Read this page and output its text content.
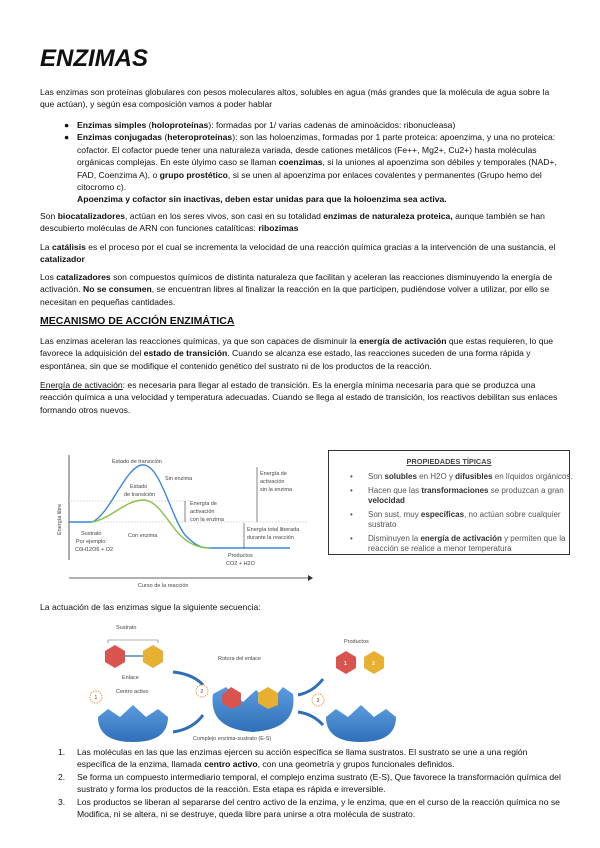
ENZIMAS
Las enzimas son proteínas globulares con pesos moleculares altos, solubles en agua (más grandes que la molécula de agua sobre la que actúan), y según esa composición vamos a poder hablar
● Enzimas simples (holoproteínas): formadas por 1/ varias cadenas de aminoácidos: ribonucleasa)
● Enzimas conjugadas (heteroproteínas): son las holoenzimas, formadas por 1 parte proteica: apoenzima, y una no proteica: cofactor. El cofactor puede tener una naturaleza variada, desde cationes metálicos (Fe++, Mg2+, Cu2+) hasta moléculas orgánicas complejas. En este úlyimo caso se llaman coenzimas, si la uniones al apoenzima son débiles y temporales (NAD+, FAD, Coenzima A), o grupo prostético, si se unen al apoenzima por enlaces covalentes y permanentes (Grupo hemo del citocromo c).
Apoenzima y cofactor sin inactivas, deben estar unidas para que la holoenzima sea activa.
Son biocatalizadores, actúan en los seres vivos, son casi en su totalidad enzimas de naturaleza proteica, aunque también se han descubierto moléculas de ARN con funciones catalíticas: ribozimas
La catálisis es el proceso por el cual se incrementa la velocidad de una reacción química gracias a la intervención de una sustancia, el catalizador
Los catalizadores son compuestos químicos de distinta naturaleza que facilitan y aceleran las reacciones disminuyendo la energía de activación. No se consumen, se encuentran libres al finalizar la reacción en la que participen, pudiéndose volver a utilizar, por ello se necesitan en pequeñas cantidades.
MECANISMO DE ACCIÓN ENZIMÁTICA
Las enzimas aceleran las reacciones químicas, ya que son capaces de disminuir la energía de activación que estas requieren, lo que favorece la adquisición del estado de transición. Cuando se alcanza ese estado, las reacciones suceden de una forma rápida y espontánea, sin que se modifique el contenido genético del sustrato ni de los productos de la reacción.
Energía de activación: es necesaria para llegar al estado de transición. Es la energía mínima necesaria para que se produzca una reacción química a una velocidad y temperatura adecuadas. Cuando se llega al estado de transición, los reactivos debilitan sus enlaces formando otros nuevos.
Estado de transición
Sin enzima
Estado
de transición
Energía de
activación
con la enzima
Energía de
activación
sin la enzima
Energía total liberada
durante la reacción
Con enzima
Sustrato
Por ejemplo:
C6H12O6 + O2
Productos
CO2 + H2O
Curso de la reacción
Energía libre
PROPIEDADES TÍPICAS
• Son solubles en H2O y difusibles en líquidos orgánicos.
• Hacen que las transformaciones se produzcan a gran velocidad
• Son sust. muy específicas, no actúan sobre cualquier sustrato
• Disminuyen la energía de activación y permiten que la reacción se realice a menor temperatura
La actuación de las enzimas sigue la siguiente secuencia:
Sustrato
Enlace
Centro activo
Rotura del enlace
Complejo enzima-sustrato (E-S)
Productos
1	2
1
2
3
1. Las moléculas en las que las enzimas ejercen su acción específica se llama sustratos. El sustrato se une a una región específica de la enzima, llamada centro activo, con una geometría y grupos funcionales definidos.
2. Se forma un compuesto intermediario temporal, el complejo enzima sustrato (E-S), Que favorece la transformación química del sustrato y forma los productos de la reacción. Esta etapa es rápida e irreversible.
3. Los productos se liberan al separarse del centro activo de la enzima, y le enzima, que en el curso de la reacción química no se Modifica, ni se altera, ni se destruye, queda libre para unirse a otra molécula de sustrato.
